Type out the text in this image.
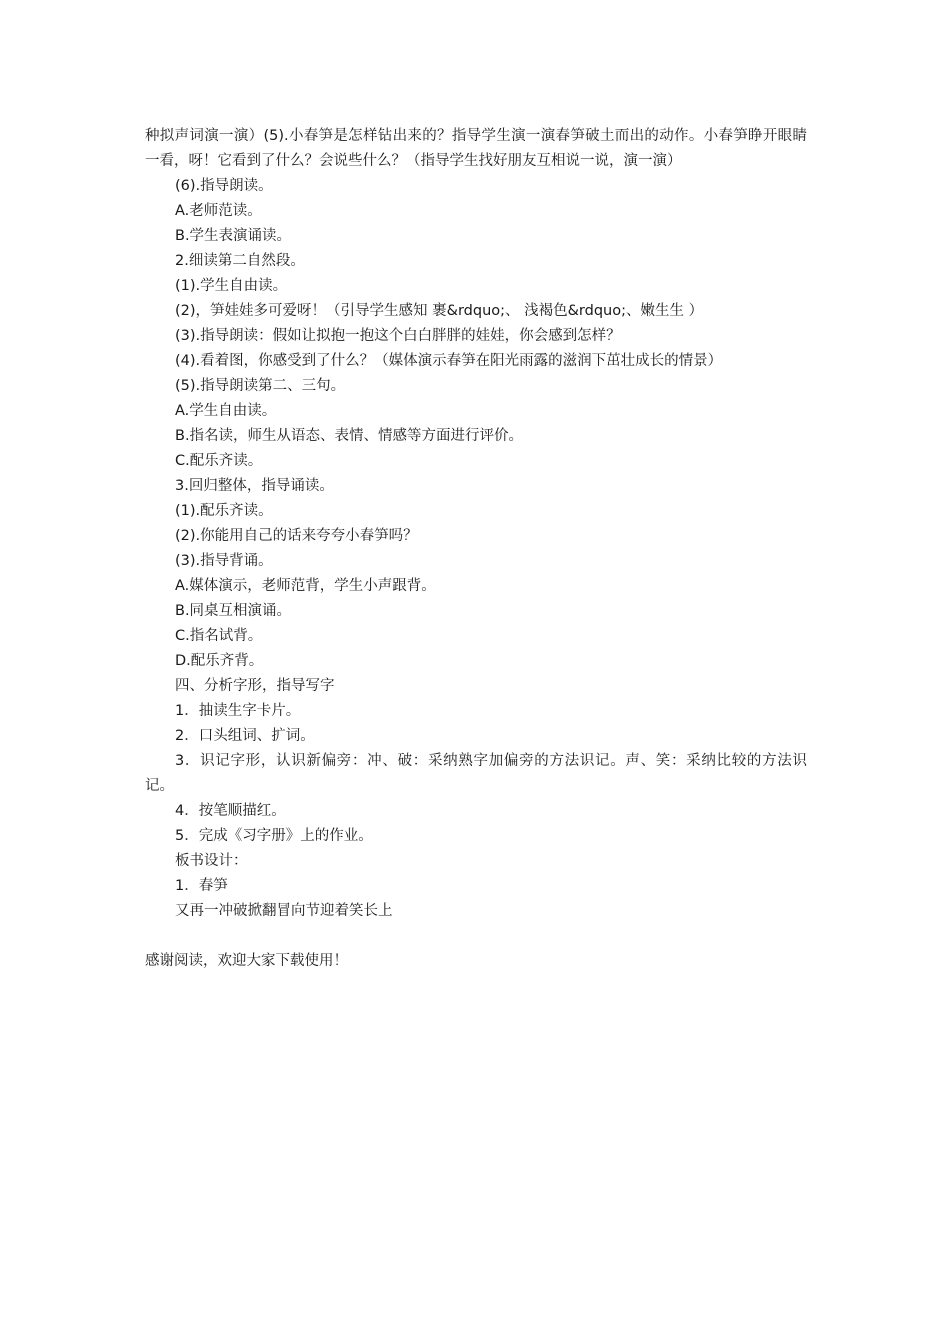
种拟声词演一演）(5).小春笋是怎样钻出来的？指导学生演一演春笋破土而出的动作。小春笋睁开眼睛一看，呀！它看到了什么？会说些什么？（指导学生找好朋友互相说一说，演一演）

(6).指导朗读。

A.老师范读。

B.学生表演诵读。

2.细读第二自然段。

(1).学生自由读。

(2)，笋娃娃多可爱呀！（引导学生感知 裹&rdquo;、 浅褐色&rdquo;、嫩生生 ）

(3).指导朗读：假如让拟抱一抱这个白白胖胖的娃娃，你会感到怎样？

(4).看着图，你感受到了什么？（媒体演示春笋在阳光雨露的滋润下茁壮成长的情景）

(5).指导朗读第二、三句。

A.学生自由读。

B.指名读，师生从语态、表情、情感等方面进行评价。

C.配乐齐读。

3.回归整体，指导诵读。

(1).配乐齐读。

(2).你能用自己的话来夸夸小春笋吗？

(3).指导背诵。

A.媒体演示，老师范背，学生小声跟背。

B.同桌互相演诵。

C.指名试背。

D.配乐齐背。

四、分析字形，指导写字

1．抽读生字卡片。

2．口头组词、扩词。

3．识记字形，认识新偏旁：冲、破：采纳熟字加偏旁的方法识记。声、笑：采纳比较的方法识记。

4．按笔顺描红。

5．完成《习字册》上的作业。

板书设计：

1．春笋

又再一冲破掀翻冒向节迎着笑长上

感谢阅读，欢迎大家下载使用！
